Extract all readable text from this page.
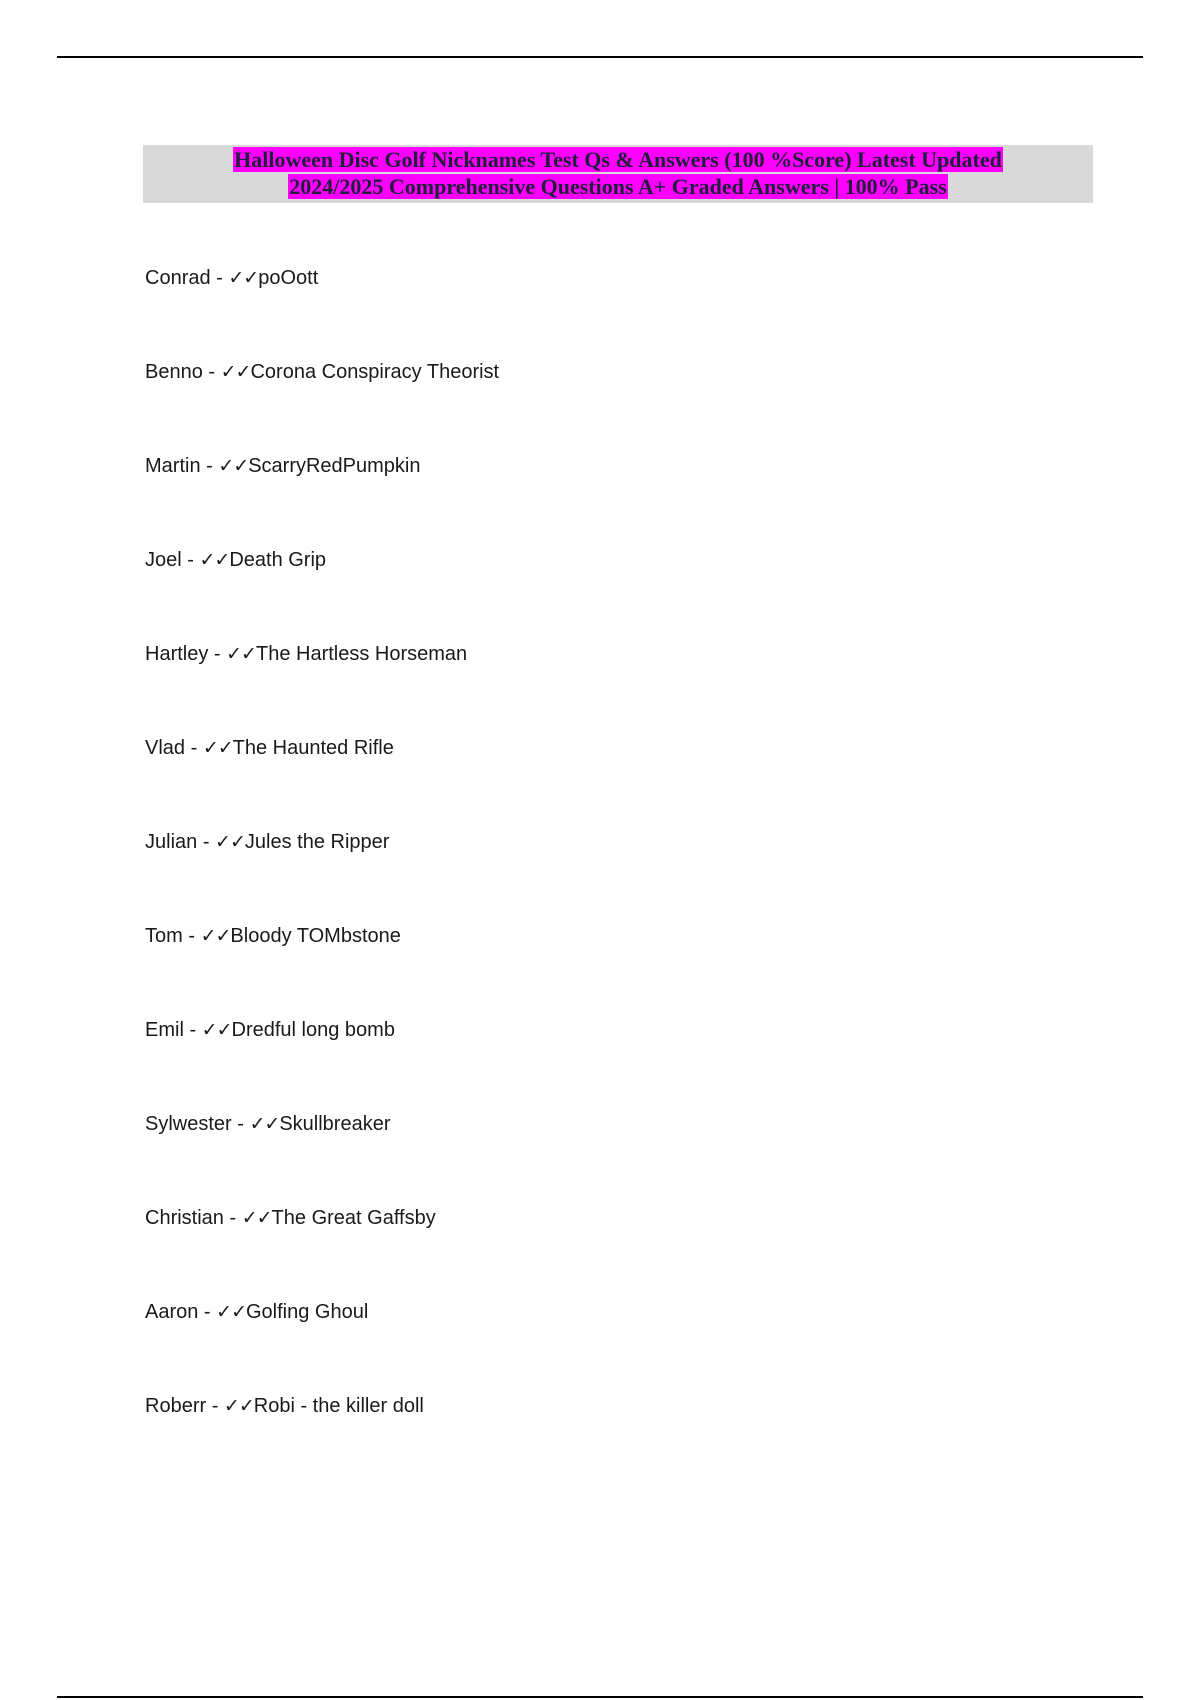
Halloween Disc Golf Nicknames Test Qs & Answers (100 %Score) Latest Updated
2024/2025 Comprehensive Questions A+ Graded Answers | 100% Pass
Conrad - ✓✓poOott
Benno - ✓✓Corona Conspiracy Theorist
Martin - ✓✓ScarryRedPumpkin
Joel - ✓✓Death Grip
Hartley - ✓✓The Hartless Horseman
Vlad - ✓✓The Haunted Rifle
Julian - ✓✓Jules the Ripper
Tom - ✓✓Bloody TOMbstone
Emil - ✓✓Dredful long bomb
Sylwester - ✓✓Skullbreaker
Christian - ✓✓The Great Gaffsby
Aaron - ✓✓Golfing Ghoul
Roberr - ✓✓Robi - the killer doll
